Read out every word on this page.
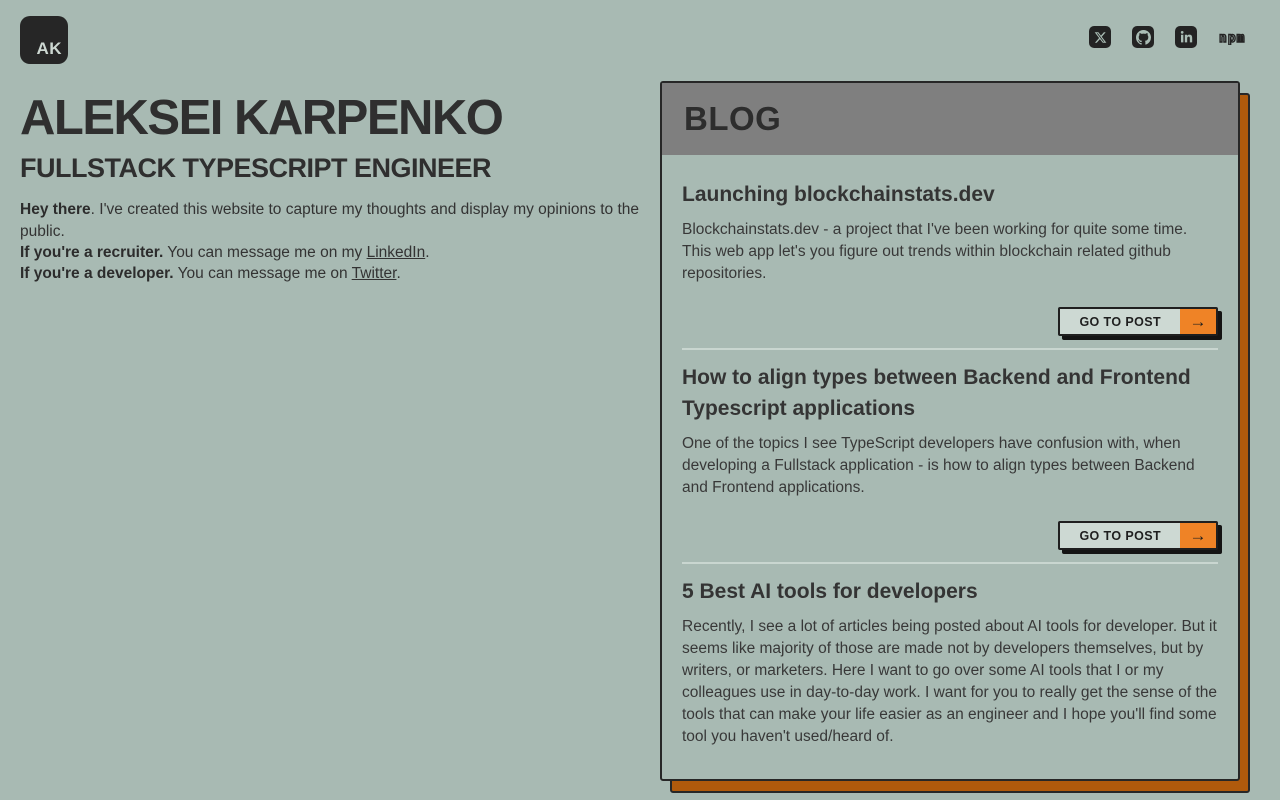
AK
npm
ALEKSEI KARPENKO
FULLSTACK TYPESCRIPT ENGINEER

Hey there. I've created this website to capture my thoughts and display my opinions to the public.

If you're a recruiter. You can message me on my LinkedIn.

If you're a developer. You can message me on Twitter.

BLOG
Launching blockchainstats.dev

Blockchainstats.dev - a project that I've been working for quite some time. This web app let's you figure out trends within blockchain related github repositories.

GO TO POST	→
How to align types between Backend and Frontend Typescript applications

One of the topics I see TypeScript developers have confusion with, when developing a Fullstack application - is how to align types between Backend and Frontend applications.

GO TO POST	→
5 Best AI tools for developers

Recently, I see a lot of articles being posted about AI tools for developer. But it seems like majority of those are made not by developers themselves, but by writers, or marketers. Here I want to go over some AI tools that I or my colleagues use in day-to-day work. I want for you to really get the sense of the tools that can make your life easier as an engineer and I hope you'll find some tool you haven't used/heard of.
